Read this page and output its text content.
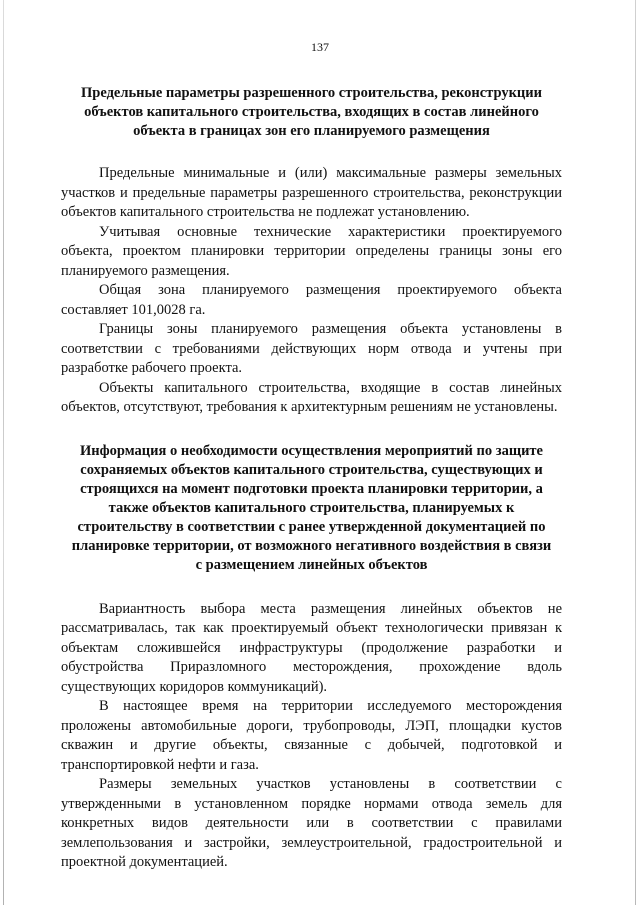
137
Предельные параметры разрешенного строительства, реконструкции объектов капитального строительства, входящих в состав линейного объекта в границах зон его планируемого размещения

Предельные минимальные и (или) максимальные размеры земельных участков и предельные параметры разрешенного строительства, реконструкции объектов капитального строительства не подлежат установлению.

Учитывая основные технические характеристики проектируемого объекта, проектом планировки территории определены границы зоны его планируемого размещения.

Общая зона планируемого размещения проектируемого объекта составляет 101,0028 га.

Границы зоны планируемого размещения объекта установлены в соответствии с требованиями действующих норм отвода и учтены при разработке рабочего проекта.

Объекты капитального строительства, входящие в состав линейных объектов, отсутствуют, требования к архитектурным решениям не установлены.

Информация о необходимости осуществления мероприятий по защите сохраняемых объектов капитального строительства, существующих и строящихся на момент подготовки проекта планировки территории, а также объектов капитального строительства, планируемых к строительству в соответствии с ранее утвержденной документацией по планировке территории, от возможного негативного воздействия в связи с размещением линейных объектов

Вариантность выбора места размещения линейных объектов не рассматривалась, так как проектируемый объект технологически привязан к объектам сложившейся инфраструктуры (продолжение разработки и обустройства Приразломного месторождения, прохождение вдоль существующих коридоров коммуникаций).

В настоящее время на территории исследуемого месторождения проложены автомобильные дороги, трубопроводы, ЛЭП, площадки кустов скважин и другие объекты, связанные с добычей, подготовкой и транспортировкой нефти и газа.

Размеры земельных участков установлены в соответствии с утвержденными в установленном порядке нормами отвода земель для конкретных видов деятельности или в соответствии с правилами землепользования и застройки, землеустроительной, градостроительной и проектной документацией.
